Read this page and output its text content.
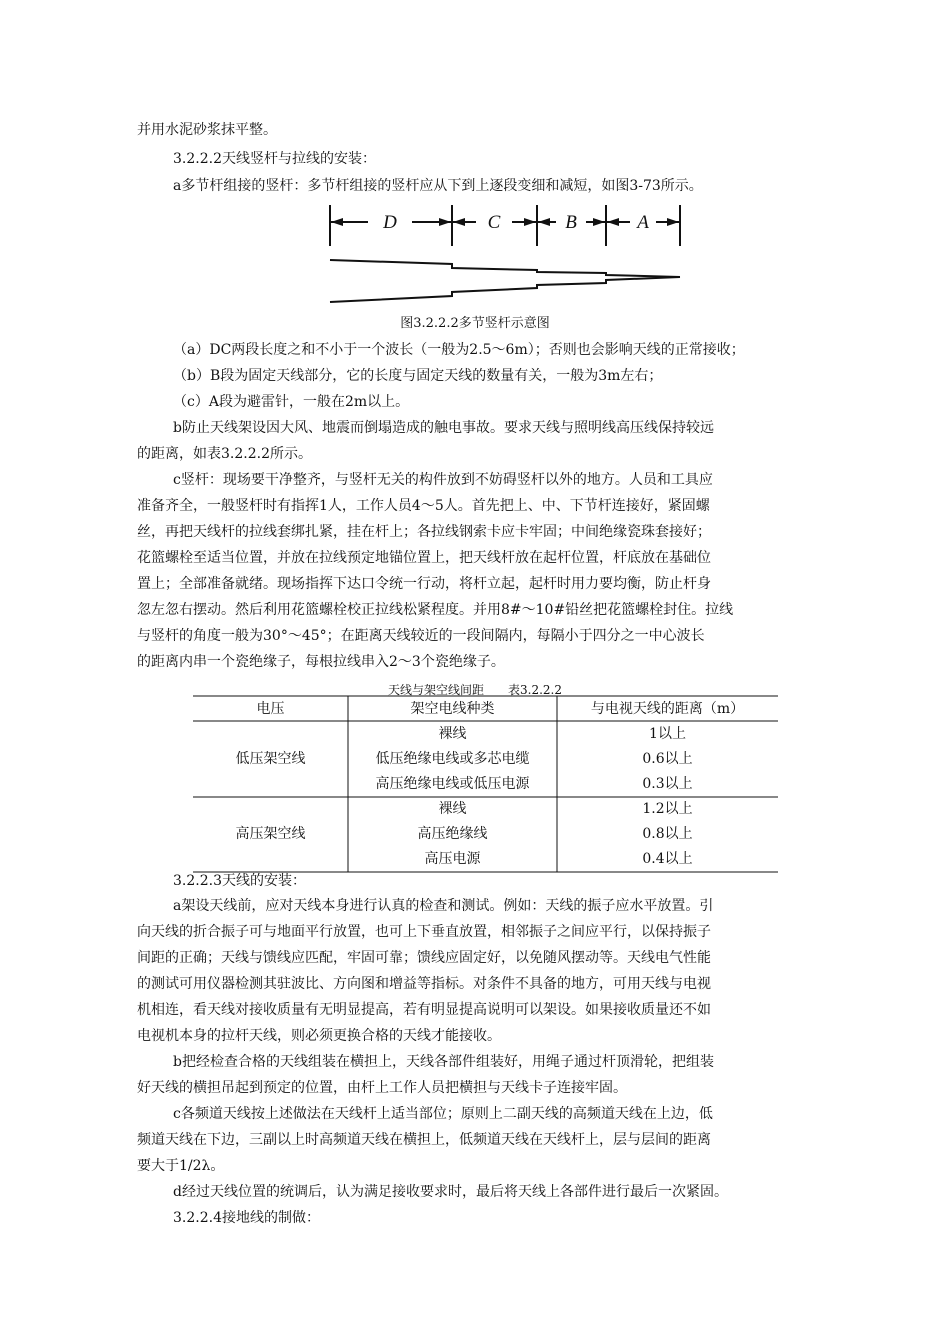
并用水泥砂浆抹平整。
3.2.2.2天线竖杆与拉线的安装：
a多节杆组接的竖杆：多节杆组接的竖杆应从下到上逐段变细和减短，如图3-73所示。
D	C	B	A
图3.2.2.2多节竖杆示意图
（a）DC两段长度之和不小于一个波长（一般为2.5～6m）；否则也会影响天线的正常接收；
（b）B段为固定天线部分，它的长度与固定天线的数量有关，一般为3m左右；
（c）A段为避雷针，一般在2m以上。
b防止天线架设因大风、地震而倒塌造成的触电事故。要求天线与照明线高压线保持较远
的距离，如表3.2.2.2所示。
c竖杆：现场要干净整齐，与竖杆无关的构件放到不妨碍竖杆以外的地方。人员和工具应
准备齐全，一般竖杆时有指挥1人，工作人员4～5人。首先把上、中、下节杆连接好，紧固螺
丝，再把天线杆的拉线套绑扎紧，挂在杆上；各拉线钢索卡应卡牢固；中间绝缘瓷珠套接好；
花篮螺栓至适当位置，并放在拉线预定地锚位置上，把天线杆放在起杆位置，杆底放在基础位
置上；全部准备就绪。现场指挥下达口令统一行动，将杆立起，起杆时用力要均衡，防止杆身
忽左忽右摆动。然后利用花篮螺栓校正拉线松紧程度。并用8#～10#铅丝把花篮螺栓封住。拉线
与竖杆的角度一般为30°～45°；在距离天线较近的一段间隔内，每隔小于四分之一中心波长
的距离内串一个瓷绝缘子，每根拉线串入2～3个瓷绝缘子。
天线与架空线间距　　表3.2.2.2
电压	架空电线种类	与电视天线的距离（m）
低压架空线
裸线	1以上
低压绝缘电线或多芯电缆	0.6以上
高压绝缘电线或低压电源	0.3以上
高压架空线
裸线	1.2以上
高压绝缘线	0.8以上
高压电源	0.4以上
3.2.2.3天线的安装：
a架设天线前，应对天线本身进行认真的检查和测试。例如：天线的振子应水平放置。引
向天线的折合振子可与地面平行放置，也可上下垂直放置，相邻振子之间应平行，以保持振子
间距的正确；天线与馈线应匹配，牢固可靠；馈线应固定好，以免随风摆动等。天线电气性能
的测试可用仪器检测其驻波比、方向图和增益等指标。对条件不具备的地方，可用天线与电视
机相连，看天线对接收质量有无明显提高，若有明显提高说明可以架设。如果接收质量还不如
电视机本身的拉杆天线，则必须更换合格的天线才能接收。
b把经检查合格的天线组装在横担上，天线各部件组装好，用绳子通过杆顶滑轮，把组装
好天线的横担吊起到预定的位置，由杆上工作人员把横担与天线卡子连接牢固。
c各频道天线按上述做法在天线杆上适当部位；原则上二副天线的高频道天线在上边，低
频道天线在下边，三副以上时高频道天线在横担上，低频道天线在天线杆上，层与层间的距离
要大于1/2λ。
d经过天线位置的统调后，认为满足接收要求时，最后将天线上各部件进行最后一次紧固。
3.2.2.4接地线的制做：
